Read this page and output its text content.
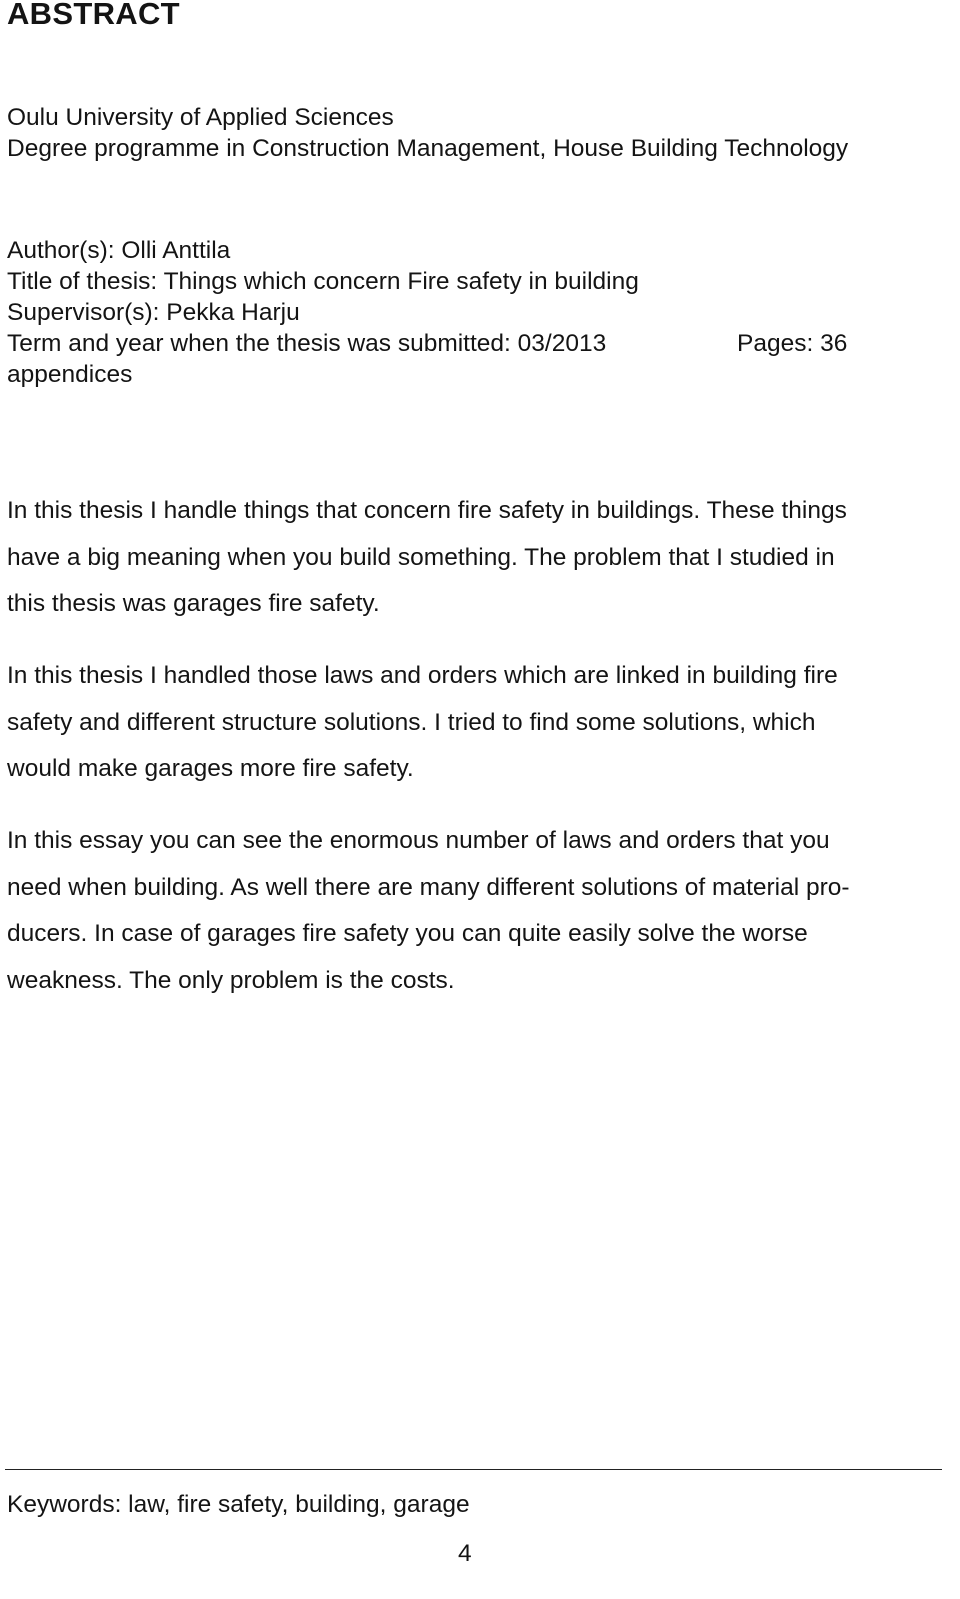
ABSTRACT
Oulu University of Applied Sciences
Degree programme in Construction Management, House Building Technology
Author(s): Olli Anttila
Title of thesis: Things which concern Fire safety in building
Supervisor(s): Pekka Harju
Term and year when the thesis was submitted: 03/2013	Pages: 36
appendices
In this thesis I handle things that concern fire safety in buildings. These things
have a big meaning when you build something. The problem that I studied in
this thesis was garages fire safety.
In this thesis I handled those laws and orders which are linked in building fire
safety and different structure solutions. I tried to find some solutions, which
would make garages more fire safety.
In this essay you can see the enormous number of laws and orders that you
need when building. As well there are many different solutions of material pro-
ducers. In case of garages fire safety you can quite easily solve the worse
weakness. The only problem is the costs.
Keywords: law, fire safety, building, garage
4
